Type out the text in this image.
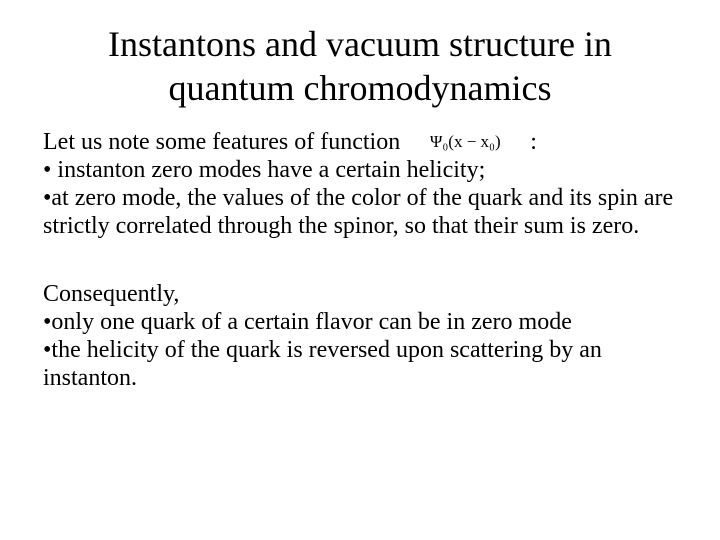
Instantons and vacuum structure in
quantum chromodynamics
Let us note some features of function Ψ₀(x − x₀) :
• instanton zero modes have a certain helicity;
•at zero mode, the values of the color of the quark and its spin are strictly correlated through the spinor, so that their sum is zero.
Consequently,
•only one quark of a certain flavor can be in zero mode
•the helicity of the quark is reversed upon scattering by an instanton.
